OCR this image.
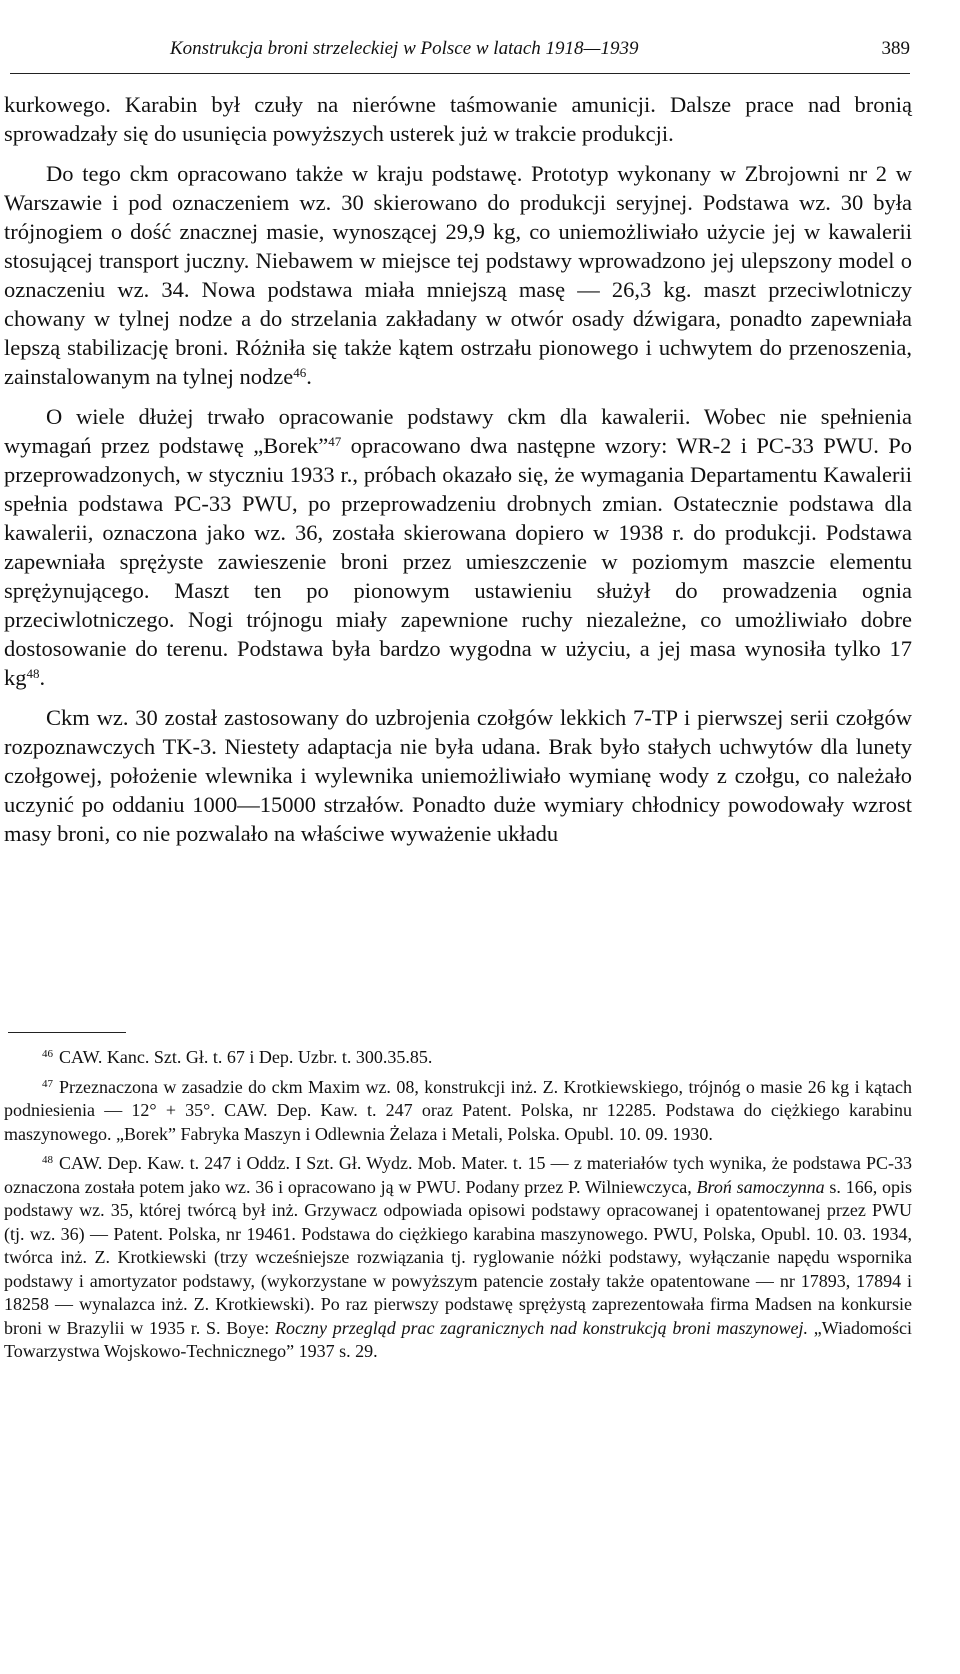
Konstrukcja broni strzeleckiej w Polsce w latach 1918—1939	389

kurkowego. Karabin był czuły na nierówne taśmowanie amunicji. Dalsze prace nad bronią sprowadzały się do usunięcia powyższych usterek już w trakcie produkcji.

Do tego ckm opracowano także w kraju podstawę. Prototyp wykonany w Zbrojowni nr 2 w Warszawie i pod oznaczeniem wz. 30 skierowano do produkcji seryjnej. Podstawa wz. 30 była trójnogiem o dość znacznej masie, wynoszącej 29,9 kg, co uniemożliwiało użycie jej w kawalerii stosującej transport juczny. Niebawem w miejsce tej podstawy wprowadzono jej ulepszony model o oznaczeniu wz. 34. Nowa podstawa miała mniejszą masę — 26,3 kg. maszt przeciwlotniczy chowany w tylnej nodze a do strzelania zakładany w otwór osady dźwigara, ponadto zapewniała lepszą stabilizację broni. Różniła się także kątem ostrzału pionowego i uchwytem do przenoszenia, zainstalowanym na tylnej nodze$^{46}$.

O wiele dłużej trwało opracowanie podstawy ckm dla kawalerii. Wobec nie spełnienia wymagań przez podstawę „Borek”$^{47}$ opracowano dwa następne wzory: WR-2 i PC-33 PWU. Po przeprowadzonych, w styczniu 1933 r., próbach okazało się, że wymagania Departamentu Kawalerii spełnia podstawa PC-33 PWU, po przeprowadzeniu drobnych zmian. Ostatecznie podstawa dla kawalerii, oznaczona jako wz. 36, została skierowana dopiero w 1938 r. do produkcji. Podstawa zapewniała sprężyste zawieszenie broni przez umieszczenie w poziomym maszcie elementu sprężynującego. Maszt ten po pionowym ustawieniu służył do prowadzenia ognia przeciwlotniczego. Nogi trójnogu miały zapewnione ruchy niezależne, co umożliwiało dobre dostosowanie do terenu. Podstawa była bardzo wygodna w użyciu, a jej masa wynosiła tylko 17 $kg^{48}$.

Ckm wz. 30 został zastosowany do uzbrojenia czołgów lekkich 7-TP i pierwszej serii czołgów rozpoznawczych TK-3. Niestety adaptacja nie była udana. Brak było stałych uchwytów dla lunety czołgowej, położenie wlewnika i wylewnika uniemożliwiało wymianę wody z czołgu, co należało uczynić po oddaniu 1000—15000 strzałów. Ponadto duże wymiary chłodnicy powodowały wzrost masy broni, co nie pozwalało na właściwe wyważenie układu

$^{46}$ CAW. Kanc. Szt. Gł. t. 67 i Dep. Uzbr. t. 300.35.85.

$^{47}$ Przeznaczona w zasadzie do ckm Maxim wz. 08, konstrukcji inż. Z. Krotkiewskiego, trójnóg o masie 26 kg i kątach podniesienia — 12° + 35°. CAW. Dep. Kaw. t. 247 oraz Patent. Polska, nr 12285. Podstawa do ciężkiego karabinu maszynowego. „Borek” Fabryka Maszyn i Odlewnia Żelaza i Metali, Polska. Opubl. 10. 09. 1930.

$^{48}$ CAW. Dep. Kaw. t. 247 i Oddz. I Szt. Gł. Wydz. Mob. Mater. t. 15 — z materiałów tych wynika, że podstawa PC-33 oznaczona została potem jako wz. 36 i opracowano ją w PWU. Podany przez P. Wilniewczyca, Broń samoczynna s. 166, opis podstawy wz. 35, której twórcą był inż. Grzywacz odpowiada opisowi podstawy opracowanej i opatentowanej przez PWU (tj. wz. 36) — Patent. Polska, nr 19461. Podstawa do ciężkiego karabina maszynowego. PWU, Polska, Opubl. 10. 03. 1934, twórca inż. Z. Krotkiewski (trzy wcześniejsze rozwiązania tj. ryglowanie nóżki podstawy, wyłączanie napędu wspornika podstawy i amortyzator podstawy, (wykorzystane w powyższym patencie zostały także opatentowane — nr 17893, 17894 i 18258 — wynalazca inż. Z. Krotkiewski). Po raz pierwszy podstawę sprężystą zaprezentowała firma Madsen na konkursie broni w Brazylii w 1935 r. S. Boye: Roczny przegląd prac zagranicznych nad konstrukcją broni maszynowej. „Wiadomości Towarzystwa Wojskowo-Technicznego” 1937 s. 29.
